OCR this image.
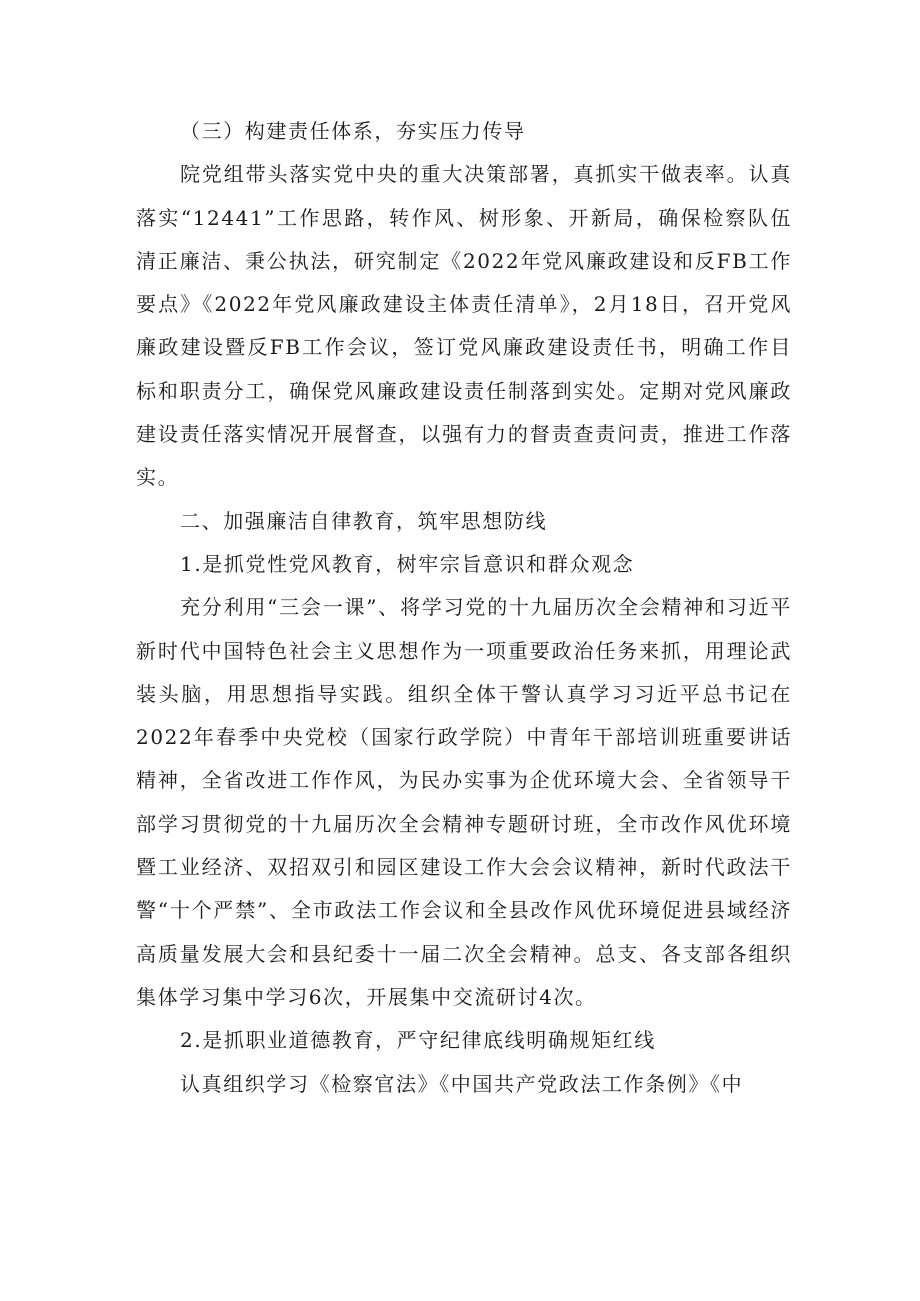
（三）构建责任体系，夯实压力传导

院党组带头落实党中央的重大决策部署，真抓实干做表率。认真落实“12441”工作思路，转作风、树形象、开新局，确保检察队伍清正廉洁、秉公执法，研究制定《2022年党风廉政建设和反FB工作要点》《2022年党风廉政建设主体责任清单》，2月18日，召开党风廉政建设暨反FB工作会议，签订党风廉政建设责任书，明确工作目标和职责分工，确保党风廉政建设责任制落到实处。定期对党风廉政建设责任落实情况开展督查，以强有力的督责查责问责，推进工作落实。

二、加强廉洁自律教育，筑牢思想防线

1.是抓党性党风教育，树牢宗旨意识和群众观念

充分利用“三会一课”、将学习党的十九届历次全会精神和习近平新时代中国特色社会主义思想作为一项重要政治任务来抓，用理论武装头脑，用思想指导实践。组织全体干警认真学习习近平总书记在2022年春季中央党校（国家行政学院）中青年干部培训班重要讲话精神，全省改进工作作风，为民办实事为企优环境大会、全省领导干部学习贯彻党的十九届历次全会精神专题研讨班，全市改作风优环境暨工业经济、双招双引和园区建设工作大会会议精神，新时代政法干警“十个严禁”、全市政法工作会议和全县改作风优环境促进县域经济高质量发展大会和县纪委十一届二次全会精神。总支、各支部各组织集体学习集中学习6次，开展集中交流研讨4次。

2.是抓职业道德教育，严守纪律底线明确规矩红线

认真组织学习《检察官法》《中国共产党政法工作条例》《中
